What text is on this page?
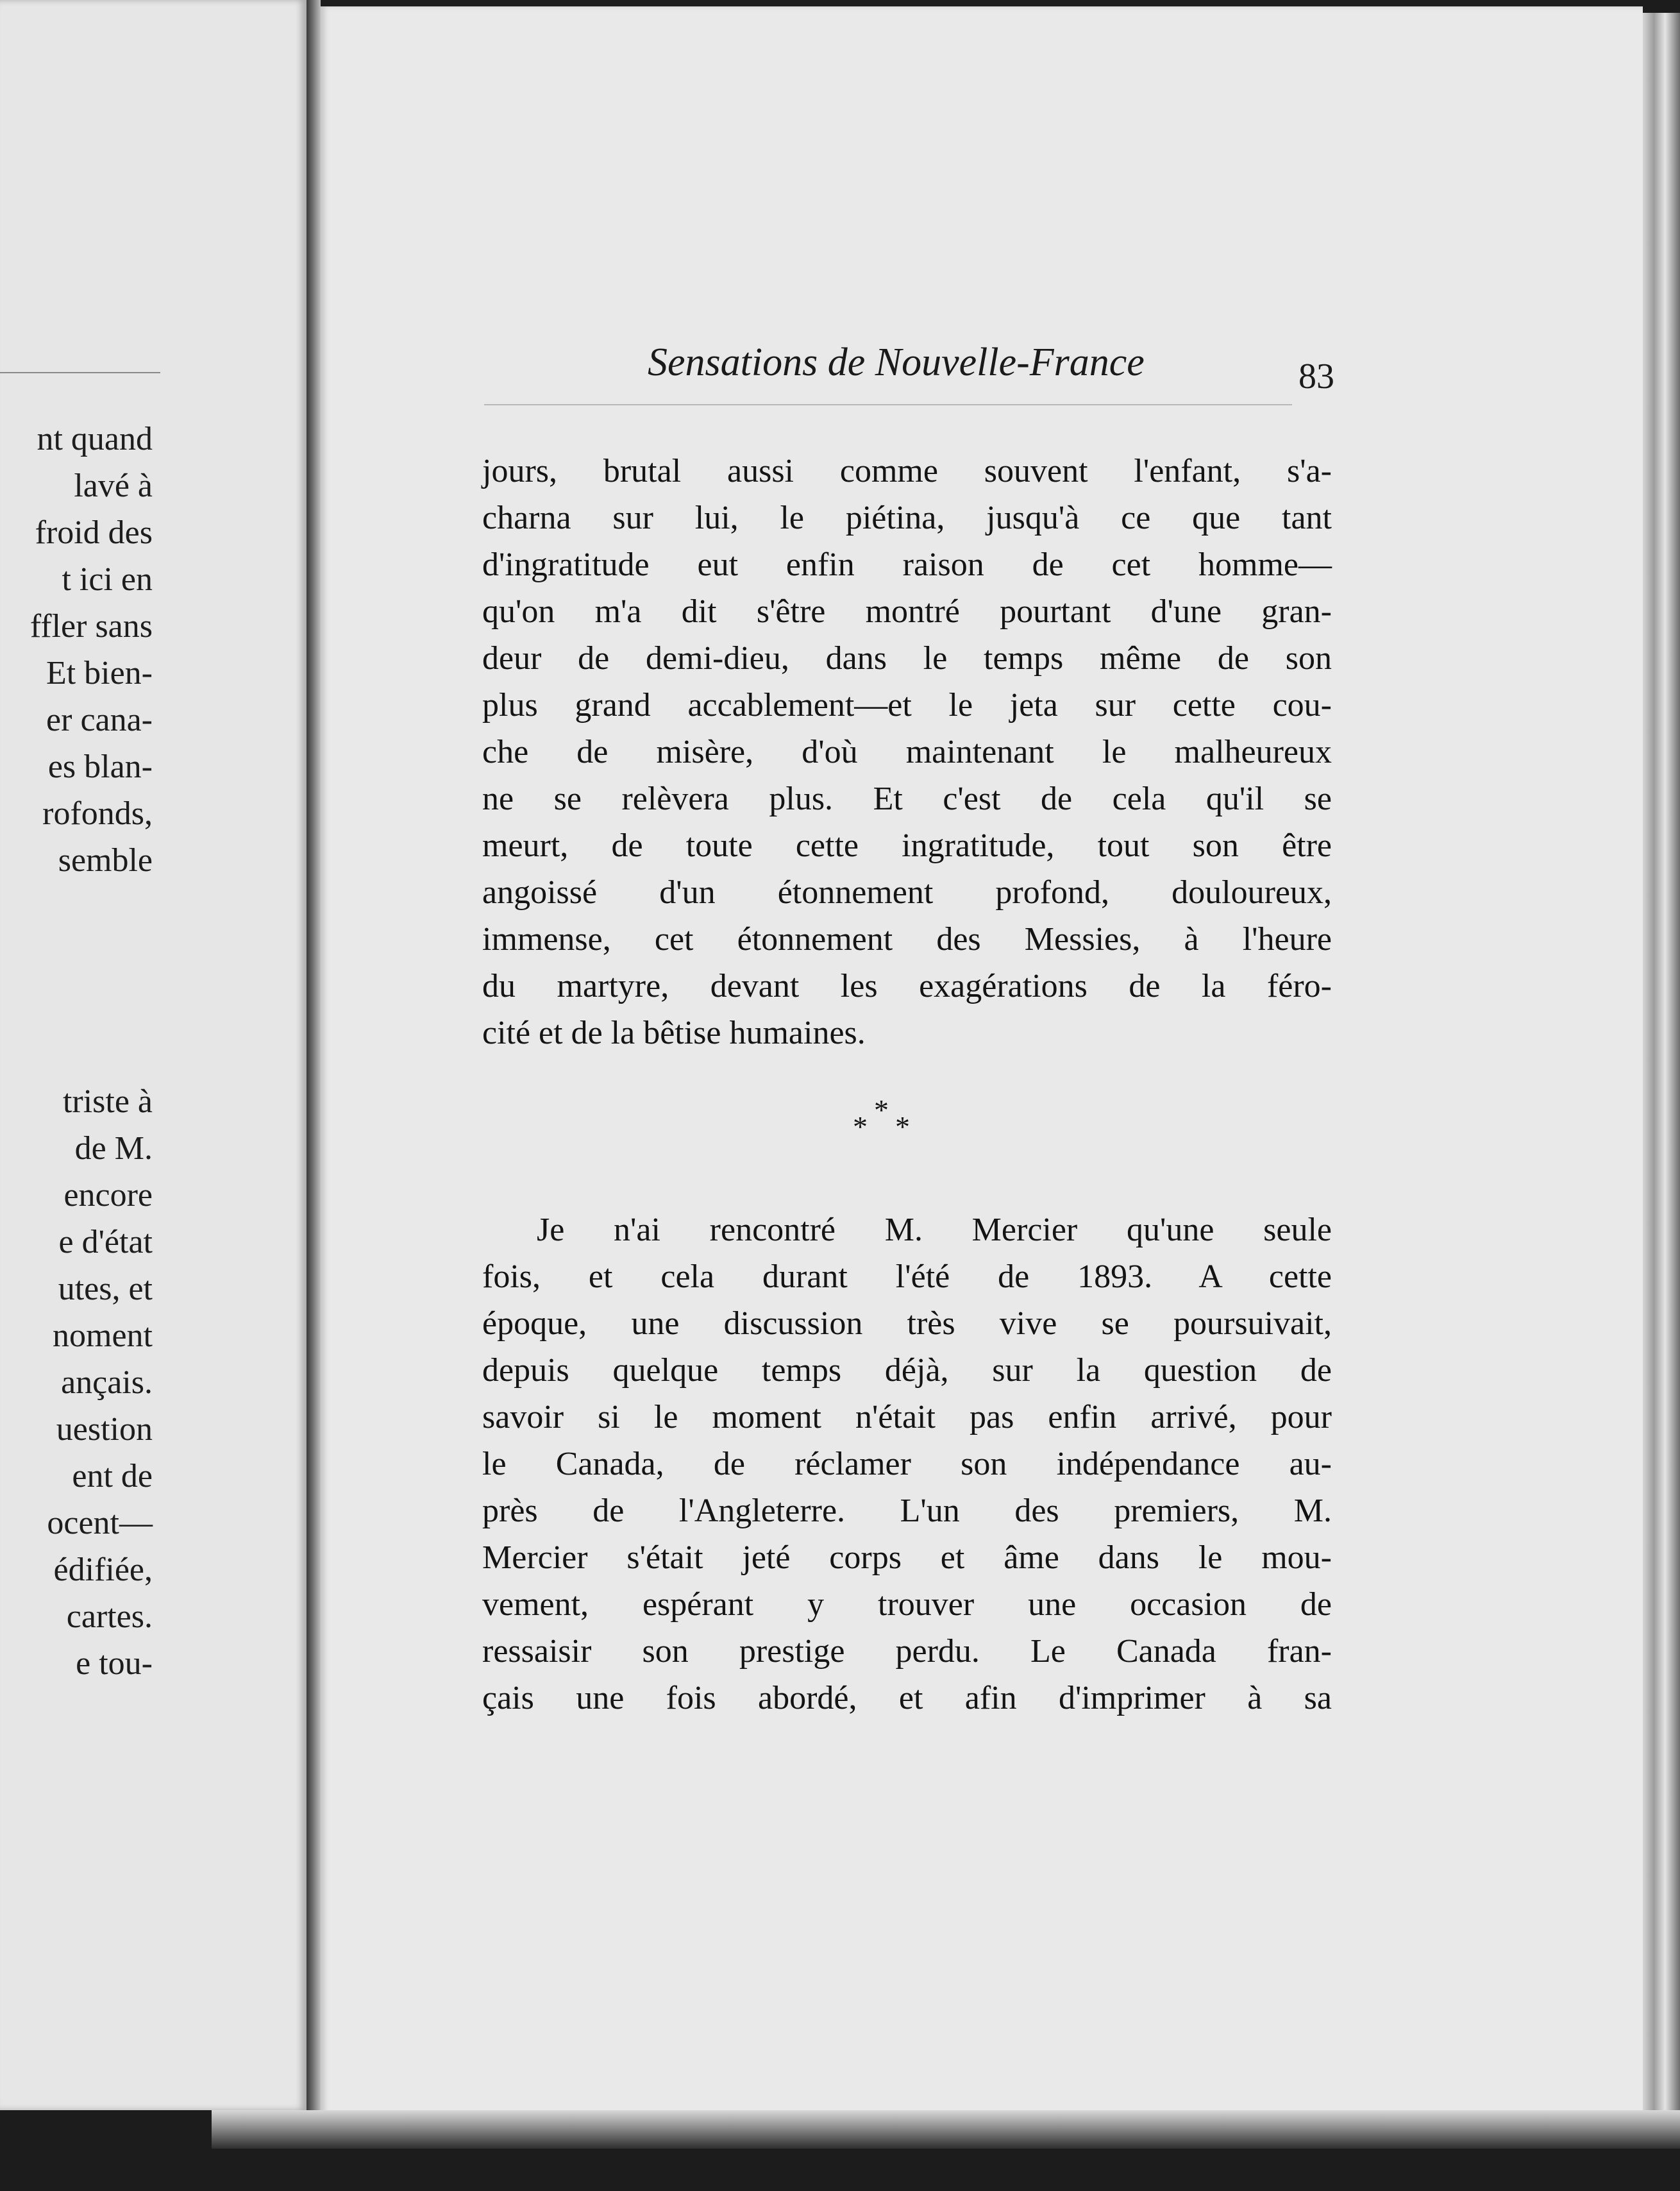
nt quand
lavé à
froid des
t ici en
ffler sans
Et bien-
er cana-
es blan-
rofonds,
semble
triste à
de M.
encore
e d'état
utes, et
noment
ançais.
uestion
ent de
ocent—
édifiée,
cartes.
e tou-
Sensations de Nouvelle-France	83
jours, brutal aussi comme souvent l'enfant, s'a-
charna sur lui, le piétina, jusqu'à ce que tant
d'ingratitude eut enfin raison de cet homme—
qu'on m'a dit s'être montré pourtant d'une gran-
deur de demi-dieu, dans le temps même de son
plus grand accablement—et le jeta sur cette cou-
che de misère, d'où maintenant le malheureux
ne se relèvera plus. Et c'est de cela qu'il se
meurt, de toute cette ingratitude, tout son être
angoissé d'un étonnement profond, douloureux,
immense, cet étonnement des Messies, à l'heure
du martyre, devant les exagérations de la féro-
cité et de la bêtise humaines.
***
Je n'ai rencontré M. Mercier qu'une seule
fois, et cela durant l'été de 1893. A cette
époque, une discussion très vive se poursuivait,
depuis quelque temps déjà, sur la question de
savoir si le moment n'était pas enfin arrivé, pour
le Canada, de réclamer son indépendance au-
près de l'Angleterre. L'un des premiers, M.
Mercier s'était jeté corps et âme dans le mou-
vement, espérant y trouver une occasion de
ressaisir son prestige perdu. Le Canada fran-
çais une fois abordé, et afin d'imprimer à sa
